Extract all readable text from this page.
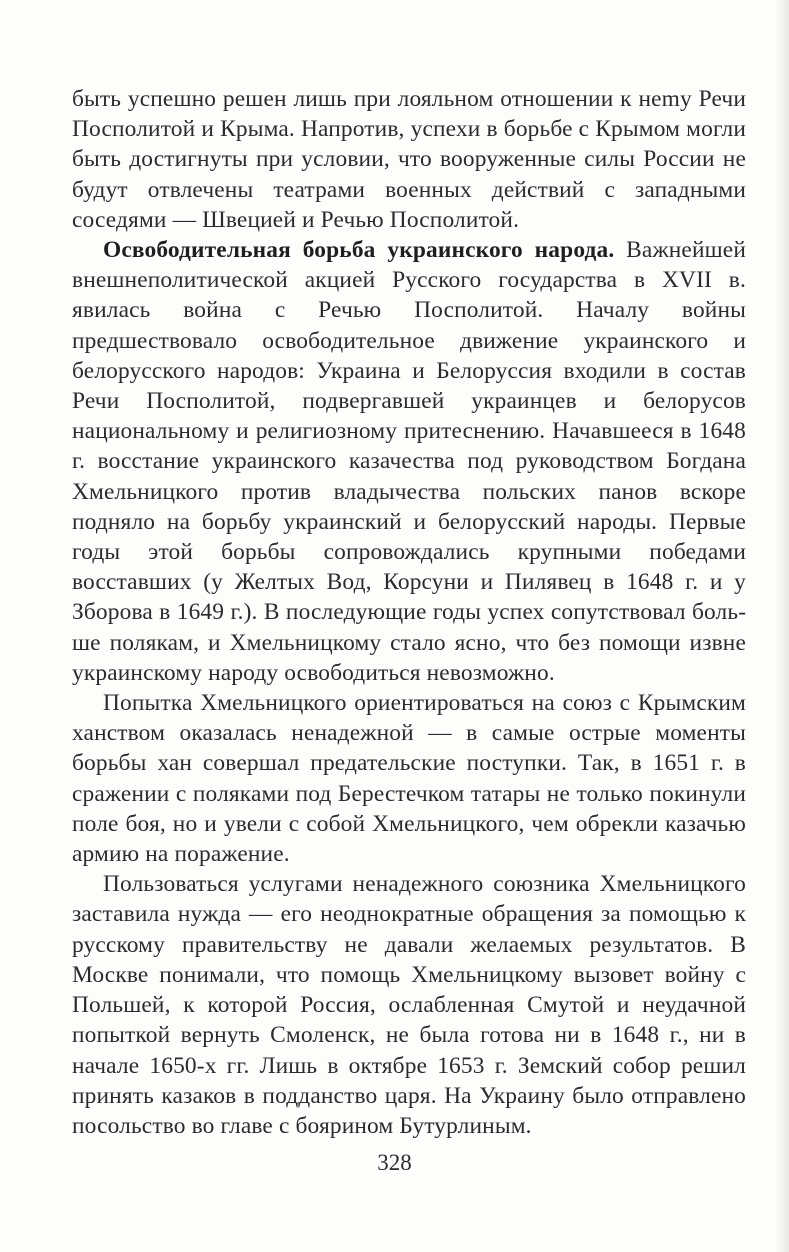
быть успешно решен лишь при лояльном отношении к неmу Речи Посполитой и Крыма. Напротив, успехи в борьбе с Крымом могли быть достигнуты при условии, что вооруженные силы России не будут отвлечены театрами военных действий с западными соседями — Швецией и Речью Посполитой.

Освободительная борьба украинского народа. Важнейшей внешнеполитической акцией Русского государства в XVII в. явилась война с Речью Посполитой. Началу войны предшествовало освободительное движение украинского и белорусского народов: Украина и Белоруссия входили в состав Речи Посполитой, подвергавшей украинцев и белорусов национальному и религиозному притеснению. Начавшееся в 1648 г. восстание украинского казачества под руководством Богдана Хмельницкого против владычества польских панов вскоре подняло на борьбу украинский и белорусский народы. Первые годы этой борьбы сопровождались крупными победами восставших (у Желтых Вод, Корсуни и Пилявец в 1648 г. и у Зборова в 1649 г.). В последующие годы успех сопутствовал больше полякам, и Хмельницкому стало ясно, что без помощи извне украинскому народу освободиться невозможно.

Попытка Хмельницкого ориентироваться на союз с Крымским ханством оказалась ненадежной — в самые острые моменты борьбы хан совершал предательские поступки. Так, в 1651 г. в сражении с поляками под Берестечком татары не только покинули поле боя, но и увели с собой Хмельницкого, чем обрекли казачью армию на поражение.

Пользоваться услугами ненадежного союзника Хмельницкого заставила нужда — его неоднократные обращения за помощью к русскому правительству не давали желаемых результатов. В Москве понимали, что помощь Хмельницкому вызовет войну с Польшей, к которой Россия, ослабленная Смутой и неудачной попыткой вернуть Смоленск, не была готова ни в 1648 г., ни в начале 1650-х гг. Лишь в октябре 1653 г. Земский собор решил принять казаков в подданство царя. На Украину было отправлено посольство во главе с боярином Бутурлиным.

328
